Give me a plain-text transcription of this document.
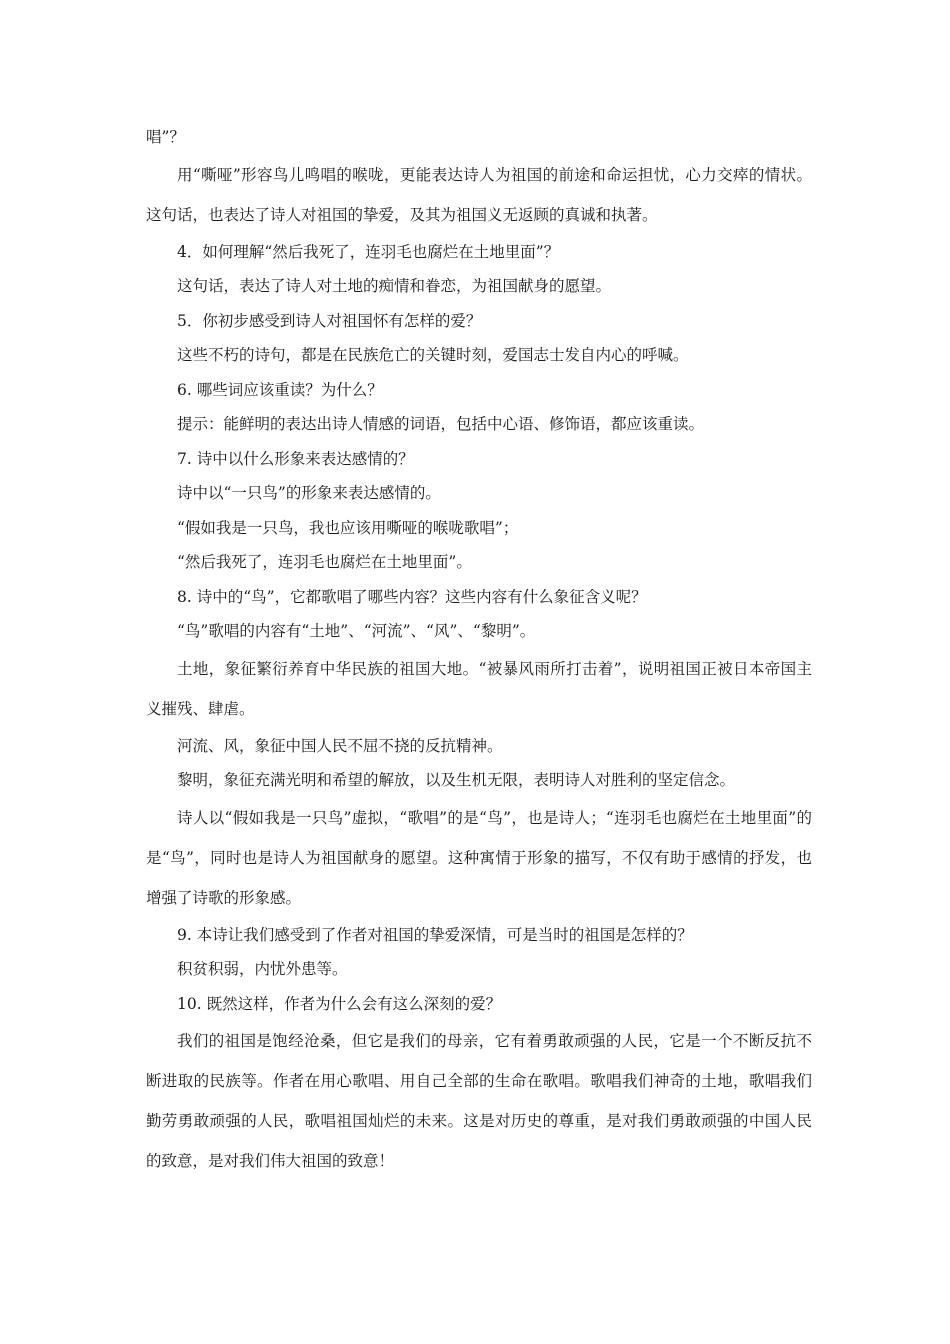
唱”？

用“嘶哑”形容鸟儿鸣唱的喉咙，更能表达诗人为祖国的前途和命运担忧，心力交瘁的情状。这句话，也表达了诗人对祖国的挚爱，及其为祖国义无返顾的真诚和执著。

4．如何理解“然后我死了，连羽毛也腐烂在土地里面”？

这句话，表达了诗人对土地的痴情和眷恋，为祖国献身的愿望。

5．你初步感受到诗人对祖国怀有怎样的爱？

这些不朽的诗句，都是在民族危亡的关键时刻，爱国志士发自内心的呼喊。

6. 哪些词应该重读？为什么？

提示：能鲜明的表达出诗人情感的词语，包括中心语、修饰语，都应该重读。

7. 诗中以什么形象来表达感情的？

诗中以“一只鸟”的形象来表达感情的。

“假如我是一只鸟，我也应该用嘶哑的喉咙歌唱”；

“然后我死了，连羽毛也腐烂在土地里面”。

8. 诗中的“鸟”，它都歌唱了哪些内容？这些内容有什么象征含义呢？

“鸟”歌唱的内容有“土地”、“河流”、“风”、“黎明”。

土地，象征繁衍养育中华民族的祖国大地。“被暴风雨所打击着”，说明祖国正被日本帝国主义摧残、肆虐。

河流、风，象征中国人民不屈不挠的反抗精神。

黎明，象征充满光明和希望的解放，以及生机无限，表明诗人对胜利的坚定信念。

诗人以“假如我是一只鸟”虚拟，“歌唱”的是“鸟”，也是诗人；“连羽毛也腐烂在土地里面”的是“鸟”，同时也是诗人为祖国献身的愿望。这种寓情于形象的描写，不仅有助于感情的抒发，也增强了诗歌的形象感。

9. 本诗让我们感受到了作者对祖国的挚爱深情，可是当时的祖国是怎样的？

积贫积弱，内忧外患等。

10. 既然这样，作者为什么会有这么深刻的爱？

我们的祖国是饱经沧桑，但它是我们的母亲，它有着勇敢顽强的人民，它是一个不断反抗不断进取的民族等。作者在用心歌唱、用自己全部的生命在歌唱。歌唱我们神奇的土地，歌唱我们勤劳勇敢顽强的人民，歌唱祖国灿烂的未来。这是对历史的尊重，是对我们勇敢顽强的中国人民的致意，是对我们伟大祖国的致意！
